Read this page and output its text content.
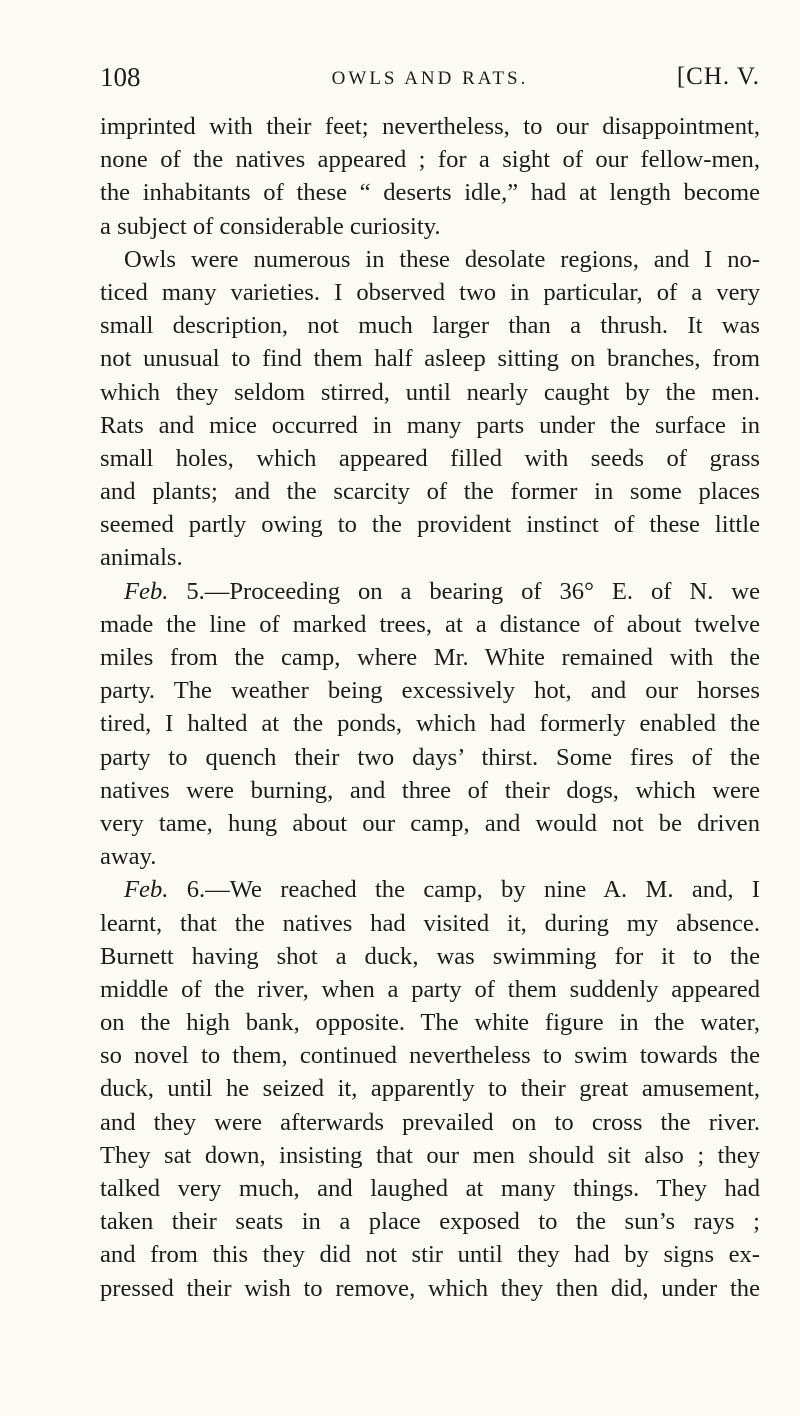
108	OWLS AND RATS.	[CH. V.
imprinted with their feet; nevertheless, to our disappointment,
none of the natives appeared ; for a sight of our fellow-men,
the inhabitants of these “ deserts idle,” had at length become
a subject of considerable curiosity.
Owls were numerous in these desolate regions, and I no-
ticed many varieties. I observed two in particular, of a very
small description, not much larger than a thrush. It was
not unusual to find them half asleep sitting on branches, from
which they seldom stirred, until nearly caught by the men.
Rats and mice occurred in many parts under the surface in
small holes, which appeared filled with seeds of grass
and plants; and the scarcity of the former in some places
seemed partly owing to the provident instinct of these little
animals.
Feb. 5.—Proceeding on a bearing of 36° E. of N. we
made the line of marked trees, at a distance of about twelve
miles from the camp, where Mr. White remained with the
party. The weather being excessively hot, and our horses
tired, I halted at the ponds, which had formerly enabled the
party to quench their two days’ thirst. Some fires of the
natives were burning, and three of their dogs, which were
very tame, hung about our camp, and would not be driven
away.
Feb. 6.—We reached the camp, by nine A. M. and, I
learnt, that the natives had visited it, during my absence.
Burnett having shot a duck, was swimming for it to the
middle of the river, when a party of them suddenly appeared
on the high bank, opposite. The white figure in the water,
so novel to them, continued nevertheless to swim towards the
duck, until he seized it, apparently to their great amusement,
and they were afterwards prevailed on to cross the river.
They sat down, insisting that our men should sit also ; they
talked very much, and laughed at many things. They had
taken their seats in a place exposed to the sun’s rays ;
and from this they did not stir until they had by signs ex-
pressed their wish to remove, which they then did, under the
